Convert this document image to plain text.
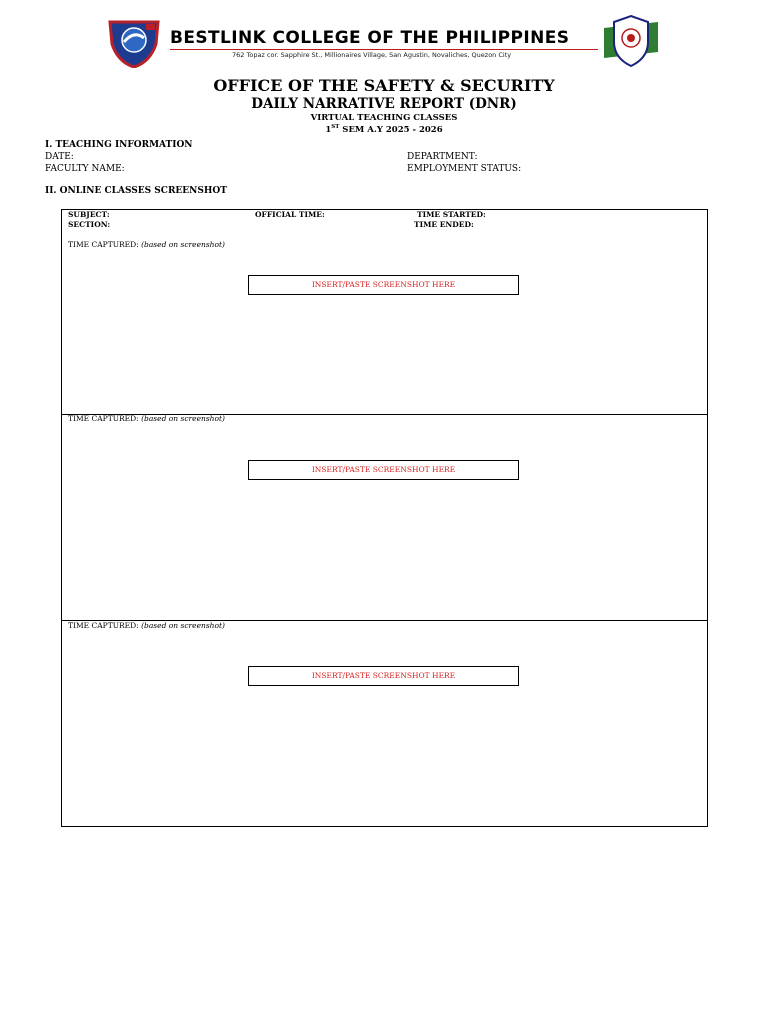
BESTLINK COLLEGE OF THE PHILIPPINES
762 Topaz cor. Sapphire St., Millionaires Village, San Agustin, Novaliches, Quezon City
OFFICE OF THE SAFETY & SECURITY
DAILY NARRATIVE REPORT (DNR)
VIRTUAL TEACHING CLASSES
1ST SEM A.Y 2025 - 2026
I. TEACHING INFORMATION
DATE:
FACULTY NAME:
DEPARTMENT:
EMPLOYMENT STATUS:
II. ONLINE CLASSES SCREENSHOT
SUBJECT:
SECTION:
OFFICIAL TIME:	TIME STARTED:
TIME ENDED:
TIME CAPTURED: (based on screenshot)
INSERT/PASTE SCREENSHOT HERE
TIME CAPTURED: (based on screenshot)
INSERT/PASTE SCREENSHOT HERE
TIME CAPTURED: (based on screenshot)
INSERT/PASTE SCREENSHOT HERE
